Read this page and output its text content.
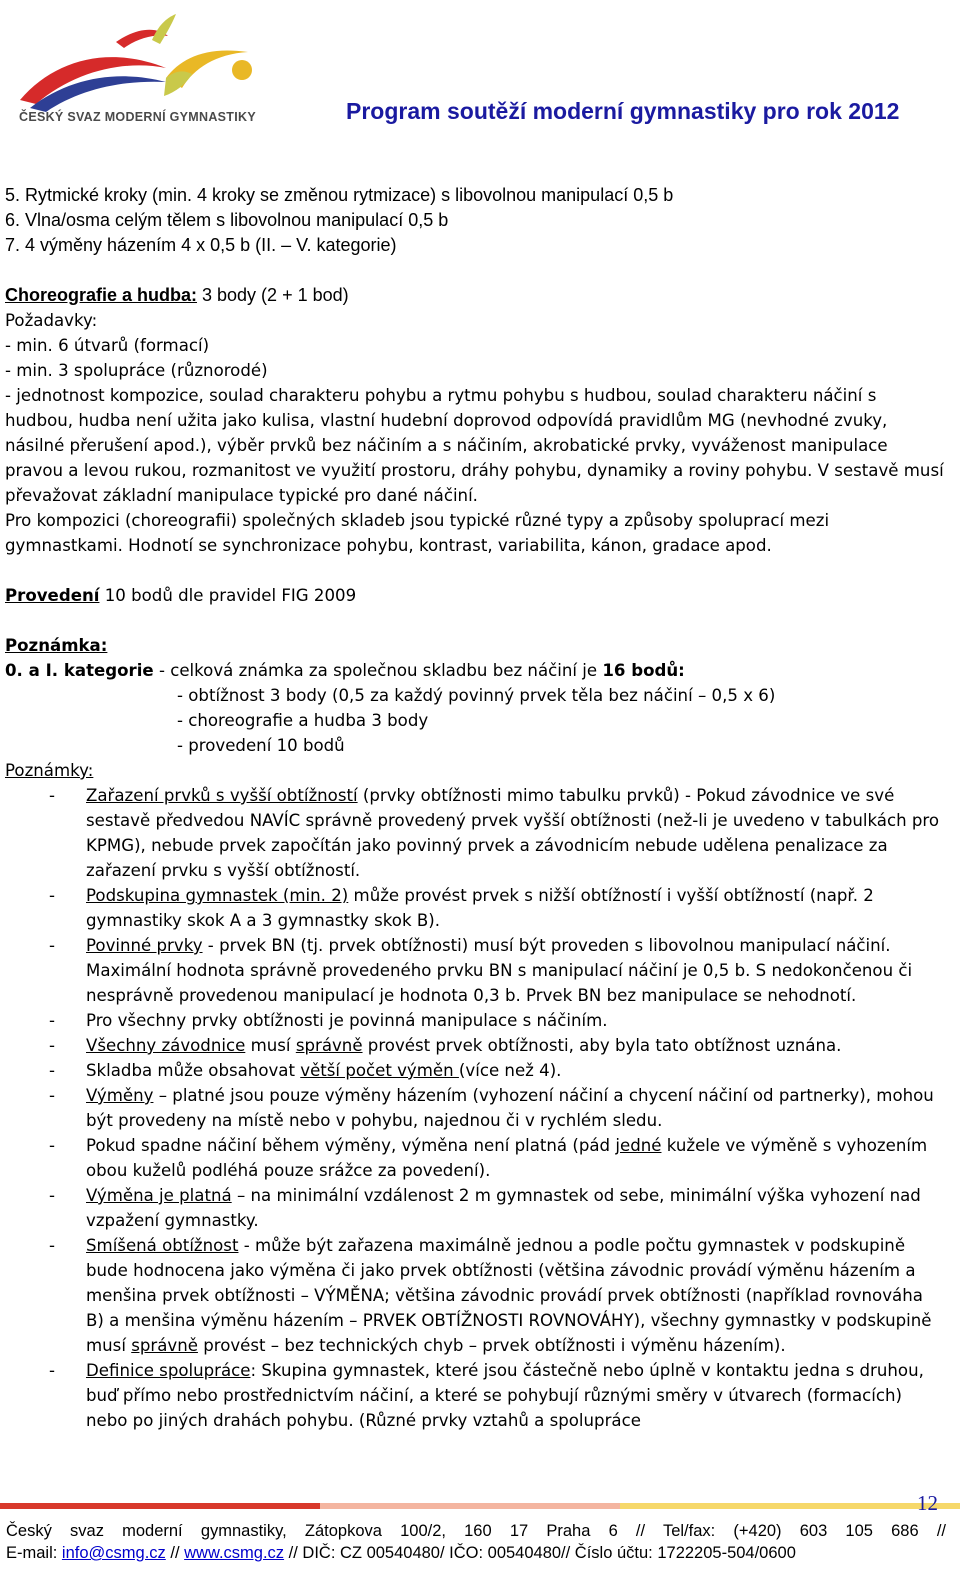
ČESKÝ SVAZ MODERNÍ GYMNASTIKY	Program soutěží moderní gymnastiky pro rok 2012
5. Rytmické kroky (min. 4 kroky se změnou rytmizace) s libovolnou manipulací 0,5 b
6. Vlna/osma celým tělem s libovolnou manipulací 0,5 b
7. 4 výměny házením 4 x 0,5 b (II. – V. kategorie)
Choreografie a hudba: 3 body (2 + 1 bod)
Požadavky:
- min. 6 útvarů (formací)
- min. 3 spolupráce (různorodé)
- jednotnost kompozice, soulad charakteru pohybu a rytmu pohybu s hudbou, soulad charakteru náčiní s hudbou, hudba není užita jako kulisa, vlastní hudební doprovod odpovídá pravidlům MG (nevhodné zvuky, násilné přerušení apod.), výběr prvků bez náčiním a s náčiním, akrobatické prvky, vyváženost manipulace pravou a levou rukou, rozmanitost ve využití prostoru, dráhy pohybu, dynamiky a roviny pohybu. V sestavě musí převažovat základní manipulace typické pro dané náčiní.
Pro kompozici (choreografii) společných skladeb jsou typické různé typy a způsoby spoluprací mezi gymnastkami. Hodnotí se synchronizace pohybu, kontrast, variabilita, kánon, gradace apod.
Provedení 10 bodů dle pravidel FIG 2009
Poznámka:
0. a I. kategorie - celková známka za společnou skladbu bez náčiní je 16 bodů:
- obtížnost 3 body (0,5 za každý povinný prvek těla bez náčiní – 0,5 x 6)
- choreografie a hudba 3 body
- provedení 10 bodů
Poznámky:
- Zařazení prvků s vyšší obtížností (prvky obtížnosti mimo tabulku prvků) - Pokud závodnice ve své sestavě předvedou NAVÍC správně provedený prvek vyšší obtížnosti (než-li je uvedeno v tabulkách pro KPMG), nebude prvek započítán jako povinný prvek a závodnicím nebude udělena penalizace za zařazení prvku s vyšší obtížností.
- Podskupina gymnastek (min. 2) může provést prvek s nižší obtížností i vyšší obtížností (např. 2 gymnastiky skok A a 3 gymnastky skok B).
- Povinné prvky - prvek BN (tj. prvek obtížnosti) musí být proveden s libovolnou manipulací náčiní. Maximální hodnota správně provedeného prvku BN s manipulací náčiní je 0,5 b. S nedokončenou či nesprávně provedenou manipulací je hodnota 0,3 b. Prvek BN bez manipulace se nehodnotí.
- Pro všechny prvky obtížnosti je povinná manipulace s náčiním.
- Všechny závodnice musí správně provést prvek obtížnosti, aby byla tato obtížnost uznána.
- Skladba může obsahovat větší počet výměn (více než 4).
- Výměny – platné jsou pouze výměny házením (vyhození náčiní a chycení náčiní od partnerky), mohou být provedeny na místě nebo v pohybu, najednou či v rychlém sledu.
- Pokud spadne náčiní během výměny, výměna není platná (pád jedné kužele ve výměně s vyhozením obou kuželů podléhá pouze srážce za povedení).
- Výměna je platná – na minimální vzdálenost 2 m gymnastek od sebe, minimální výška vyhození nad vzpažení gymnastky.
- Smíšená obtížnost - může být zařazena maximálně jednou a podle počtu gymnastek v podskupině bude hodnocena jako výměna či jako prvek obtížnosti (většina závodnic provádí výměnu házením a menšina prvek obtížnosti – VÝMĚNA; většina závodnic provádí prvek obtížnosti (například rovnováha B) a menšina výměnu házením – PRVEK OBTÍŽNOSTI ROVNOVÁHY), všechny gymnastky v podskupině musí správně provést – bez technických chyb – prvek obtížnosti i výměnu házením).
- Definice spolupráce: Skupina gymnastek, které jsou částečně nebo úplně v kontaktu jedna s druhou, buď přímo nebo prostřednictvím náčiní, a které se pohybují různými směry v útvarech (formacích) nebo po jiných drahách pohybu. (Různé prvky vztahů a spolupráce
12
Český svaz moderní gymnastiky, Zátopkova 100/2, 160 17 Praha 6 // Tel/fax: (+420) 603 105 686 //
E-mail: info@csmg.cz // www.csmg.cz // DIČ: CZ 00540480/ IČO: 00540480// Číslo účtu: 1722205-504/0600
